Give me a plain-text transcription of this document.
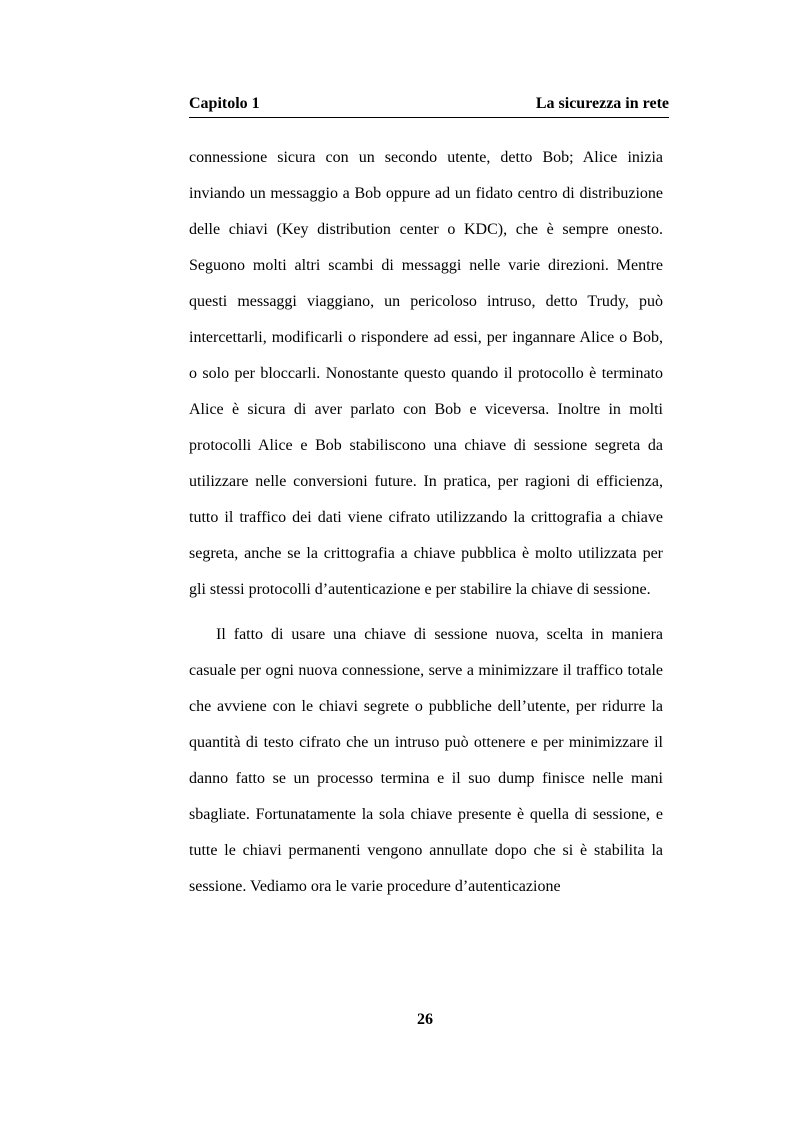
Capitolo 1	La sicurezza in rete

connessione sicura con un secondo utente, detto Bob; Alice inizia inviando un messaggio a Bob oppure ad un fidato centro di distribuzione delle chiavi (Key distribution center o KDC), che è sempre onesto. Seguono molti altri scambi di messaggi nelle varie direzioni. Mentre questi messaggi viaggiano, un pericoloso intruso, detto Trudy, può intercettarli, modificarli o rispondere ad essi, per ingannare Alice o Bob, o solo per bloccarli. Nonostante questo quando il protocollo è terminato Alice è sicura di aver parlato con Bob e viceversa. Inoltre in molti protocolli Alice e Bob stabiliscono una chiave di sessione segreta da utilizzare nelle conversioni future. In pratica, per ragioni di efficienza, tutto il traffico dei dati viene cifrato utilizzando la crittografia a chiave segreta, anche se la crittografia a chiave pubblica è molto utilizzata per gli stessi protocolli d’autenticazione e per stabilire la chiave di sessione.

Il fatto di usare una chiave di sessione nuova, scelta in maniera casuale per ogni nuova connessione, serve a minimizzare il traffico totale che avviene con le chiavi segrete o pubbliche dell’utente, per ridurre la quantità di testo cifrato che un intruso può ottenere e per minimizzare il danno fatto se un processo termina e il suo dump finisce nelle mani sbagliate. Fortunatamente la sola chiave presente è quella di sessione, e tutte le chiavi permanenti vengono annullate dopo che si è stabilita la sessione. Vediamo ora le varie procedure d’autenticazione

26
